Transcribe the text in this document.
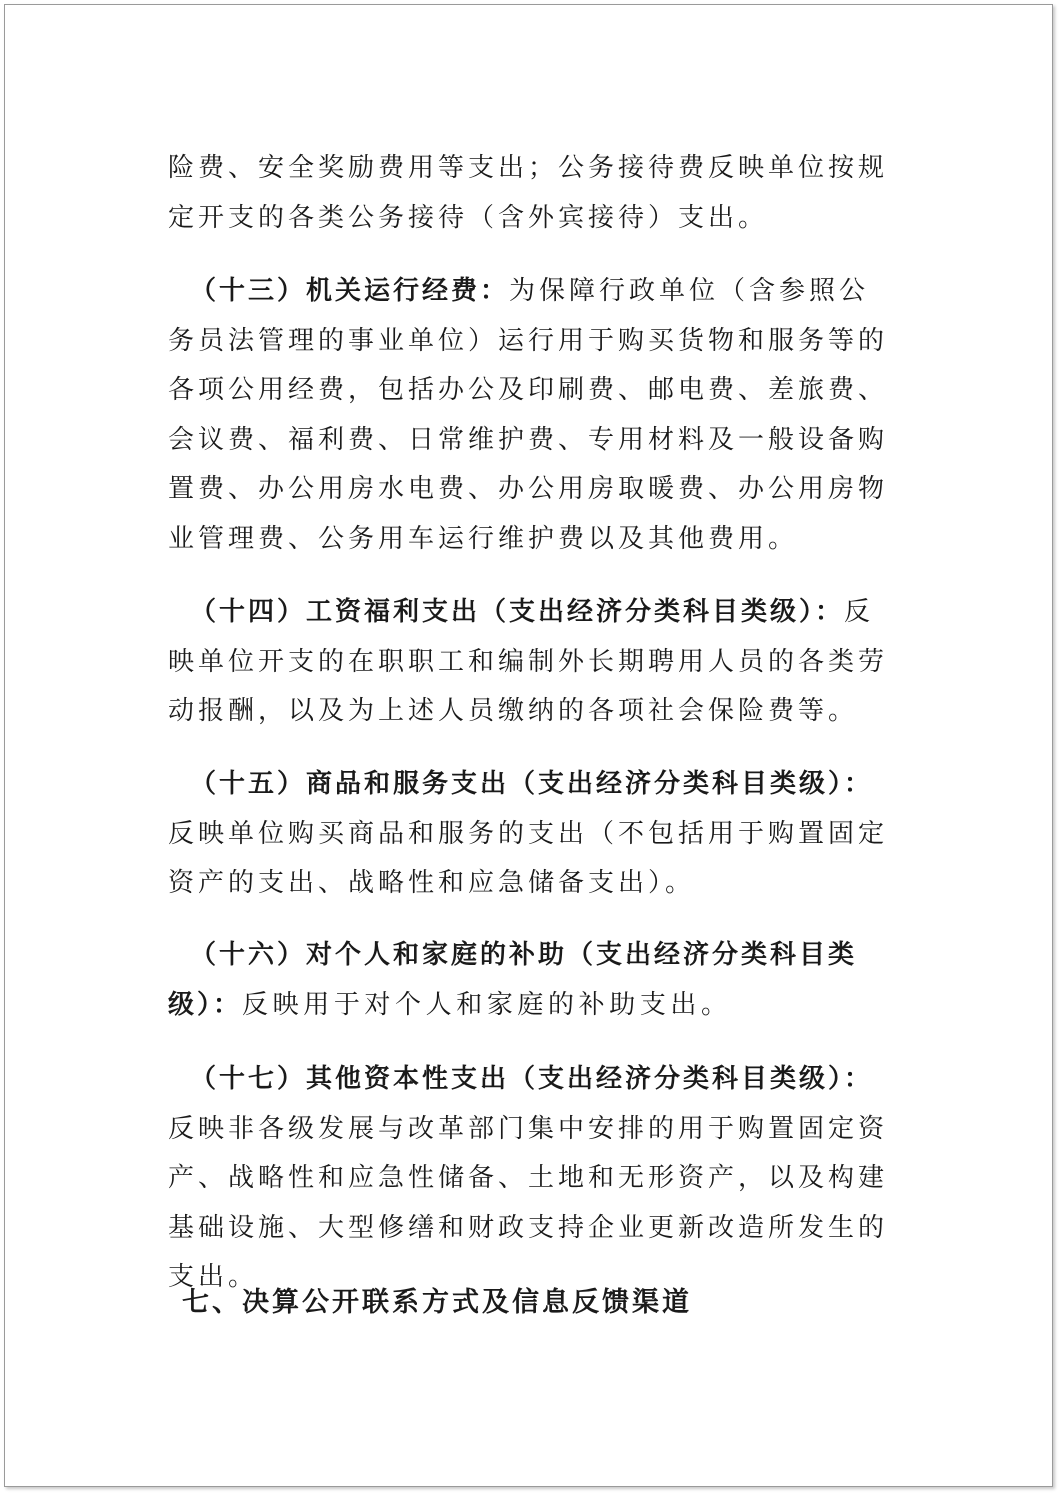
险费、安全奖励费用等支出；公务接待费反映单位按规定开支的各类公务接待（含外宾接待）支出。

（十三）机关运行经费：为保障行政单位（含参照公务员法管理的事业单位）运行用于购买货物和服务等的各项公用经费，包括办公及印刷费、邮电费、差旅费、会议费、福利费、日常维护费、专用材料及一般设备购置费、办公用房水电费、办公用房取暖费、办公用房物业管理费、公务用车运行维护费以及其他费用。

（十四）工资福利支出（支出经济分类科目类级）：反映单位开支的在职职工和编制外长期聘用人员的各类劳动报酬，以及为上述人员缴纳的各项社会保险费等。

（十五）商品和服务支出（支出经济分类科目类级）：反映单位购买商品和服务的支出（不包括用于购置固定资产的支出、战略性和应急储备支出）。

（十六）对个人和家庭的补助（支出经济分类科目类级）：反映用于对个人和家庭的补助支出。

（十七）其他资本性支出（支出经济分类科目类级）：反映非各级发展与改革部门集中安排的用于购置固定资产、战略性和应急性储备、土地和无形资产，以及构建基础设施、大型修缮和财政支持企业更新改造所发生的支出。

七、决算公开联系方式及信息反馈渠道
